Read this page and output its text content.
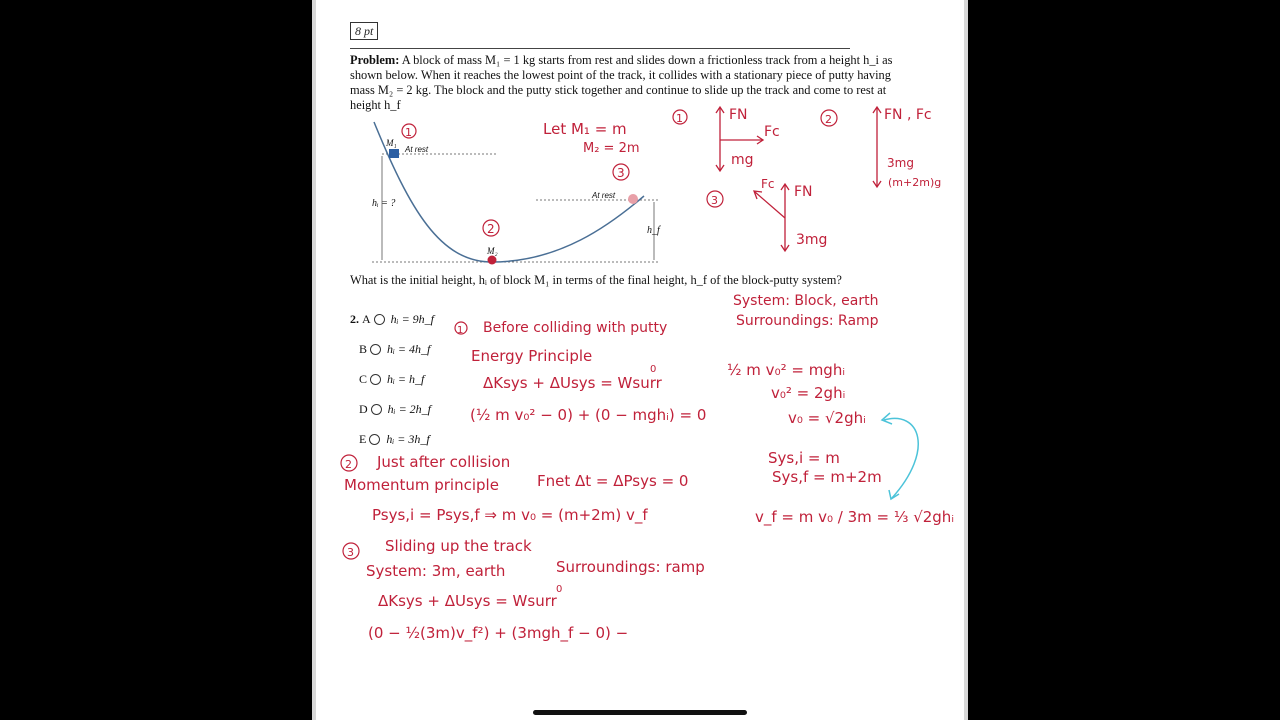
8 pt
Problem: A block of mass M₁ = 1 kg starts from rest and slides down a frictionless track from a height h_i as shown below. When it reaches the lowest point of the track, it collides with a stationary piece of putty having mass M₂ = 2 kg. The block and the putty stick together and continue to slide up the track and come to rest at height h_f
What is the initial height, hᵢ of block M₁ in terms of the final height, h_f of the block-putty system?
2. A hᵢ = 9h_f
B hᵢ = 4h_f
C hᵢ = h_f
D hᵢ = 2h_f
E hᵢ = 3h_f
M₁
M₂
At rest
At rest
hᵢ = ?
h_f
1
3
2
1	2
3
1
2
3
Let M₁ = m
M₂ = 2m
FN
Fc
mg
FN , Fc
3mg
(m+2m)g
FN
Fc
3mg
System: Block, earth
Surroundings: Ramp
Before colliding with putty
Energy Principle
ΔKsys + ΔUsys = Wsurr
(½ m v₀² − 0) + (0 − mghᵢ) = 0
0	½ m v₀² = mghᵢ
v₀² = 2ghᵢ
v₀ = √2ghᵢ
Sys,i = m
Sys,f = m+2m
v_f = m v₀ / 3m = ⅓ √2ghᵢ
Just after collision
Momentum principle	Fnet Δt = ΔPsys = 0
Psys,i = Psys,f ⇒ m v₀ = (m+2m) v_f
Sliding up the track
System: 3m, earth	Surroundings: ramp
ΔKsys + ΔUsys = Wsurr
0
(0 − ½(3m)v_f²) + (3mgh_f − 0) −
